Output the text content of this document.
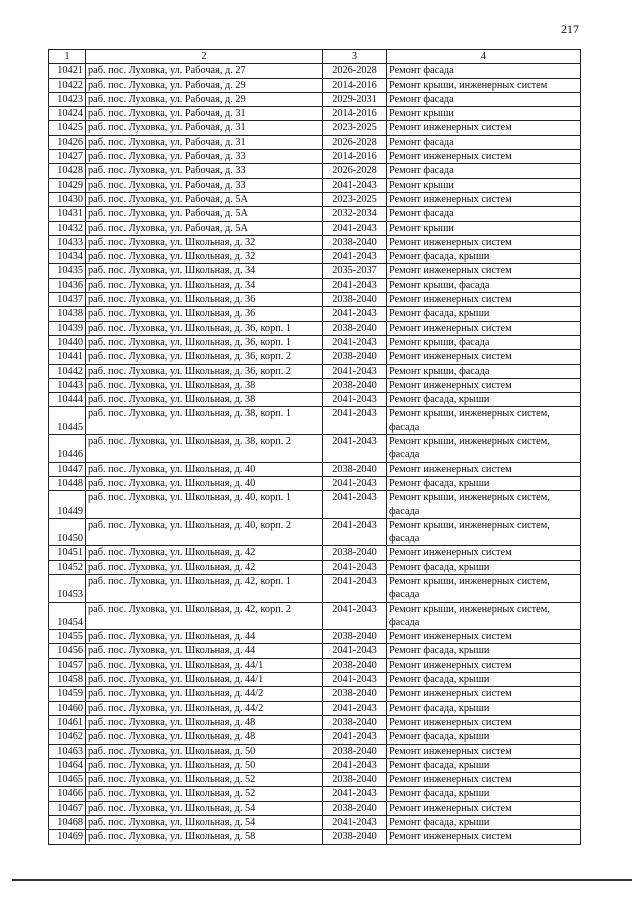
217
1	2	3	4
10421	раб. пос. Луховка, ул. Рабочая, д. 27	2026-2028	Ремонт фасада
10422	раб. пос. Луховка, ул. Рабочая, д. 29	2014-2016	Ремонт крыши, инженерных систем
10423	раб. пос. Луховка, ул. Рабочая, д. 29	2029-2031	Ремонт фасада
10424	раб. пос. Луховка, ул. Рабочая, д. 31	2014-2016	Ремонт крыши
10425	раб. пос. Луховка, ул. Рабочая, д. 31	2023-2025	Ремонт инженерных систем
10426	раб. пос. Луховка, ул. Рабочая, д. 31	2026-2028	Ремонт фасада
10427	раб. пос. Луховка, ул. Рабочая, д. 33	2014-2016	Ремонт инженерных систем
10428	раб. пос. Луховка, ул. Рабочая, д. 33	2026-2028	Ремонт фасада
10429	раб. пос. Луховка, ул. Рабочая, д. 33	2041-2043	Ремонт крыши
10430	раб. пос. Луховка, ул. Рабочая, д. 5А	2023-2025	Ремонт инженерных систем
10431	раб. пос. Луховка, ул. Рабочая, д. 5А	2032-2034	Ремонт фасада
10432	раб. пос. Луховка, ул. Рабочая, д. 5А	2041-2043	Ремонт крыши
10433	раб. пос. Луховка, ул. Школьная, д. 32	2038-2040	Ремонт инженерных систем
10434	раб. пос. Луховка, ул. Школьная, д. 32	2041-2043	Ремонт фасада, крыши
10435	раб. пос. Луховка, ул. Школьная, д. 34	2035-2037	Ремонт инженерных систем
10436	раб. пос. Луховка, ул. Школьная, д. 34	2041-2043	Ремонт крыши, фасада
10437	раб. пос. Луховка, ул. Школьная, д. 36	2038-2040	Ремонт инженерных систем
10438	раб. пос. Луховка, ул. Школьная, д. 36	2041-2043	Ремонт фасада, крыши
10439	раб. пос. Луховка, ул. Школьная, д. 36, корп. 1	2038-2040	Ремонт инженерных систем
10440	раб. пос. Луховка, ул. Школьная, д. 36, корп. 1	2041-2043	Ремонт крыши, фасада
10441	раб. пос. Луховка, ул. Школьная, д. 36, корп. 2	2038-2040	Ремонт инженерных систем
10442	раб. пос. Луховка, ул. Школьная, д. 36, корп. 2	2041-2043	Ремонт крыши, фасада
10443	раб. пос. Луховка, ул. Школьная, д. 38	2038-2040	Ремонт инженерных систем
10444	раб. пос. Луховка, ул. Школьная, д. 38	2041-2043	Ремонт фасада, крыши
10445	раб. пос. Луховка, ул. Школьная, д. 38, корп. 1	2041-2043	Ремонт крыши, инженерных систем, фасада
10446	раб. пос. Луховка, ул. Школьная, д. 38, корп. 2	2041-2043	Ремонт крыши, инженерных систем, фасада
10447	раб. пос. Луховка, ул. Школьная, д. 40	2038-2040	Ремонт инженерных систем
10448	раб. пос. Луховка, ул. Школьная, д. 40	2041-2043	Ремонт фасада, крыши
10449	раб. пос. Луховка, ул. Школьная, д. 40, корп. 1	2041-2043	Ремонт крыши, инженерных систем, фасада
10450	раб. пос. Луховка, ул. Школьная, д. 40, корп. 2	2041-2043	Ремонт крыши, инженерных систем, фасада
10451	раб. пос. Луховка, ул. Школьная, д. 42	2038-2040	Ремонт инженерных систем
10452	раб. пос. Луховка, ул. Школьная, д. 42	2041-2043	Ремонт фасада, крыши
10453	раб. пос. Луховка, ул. Школьная, д. 42, корп. 1	2041-2043	Ремонт крыши, инженерных систем, фасада
10454	раб. пос. Луховка, ул. Школьная, д. 42, корп. 2	2041-2043	Ремонт крыши, инженерных систем, фасада
10455	раб. пос. Луховка, ул. Школьная, д. 44	2038-2040	Ремонт инженерных систем
10456	раб. пос. Луховка, ул. Школьная, д. 44	2041-2043	Ремонт фасада, крыши
10457	раб. пос. Луховка, ул. Школьная, д. 44/1	2038-2040	Ремонт инженерных систем
10458	раб. пос. Луховка, ул. Школьная, д. 44/1	2041-2043	Ремонт фасада, крыши
10459	раб. пос. Луховка, ул. Школьная, д. 44/2	2038-2040	Ремонт инженерных систем
10460	раб. пос. Луховка, ул. Школьная, д. 44/2	2041-2043	Ремонт фасада, крыши
10461	раб. пос. Луховка, ул. Школьная, д. 48	2038-2040	Ремонт инженерных систем
10462	раб. пос. Луховка, ул. Школьная, д. 48	2041-2043	Ремонт фасада, крыши
10463	раб. пос. Луховка, ул. Школьная, д. 50	2038-2040	Ремонт инженерных систем
10464	раб. пос. Луховка, ул. Школьная, д. 50	2041-2043	Ремонт фасада, крыши
10465	раб. пос. Луховка, ул. Школьная, д. 52	2038-2040	Ремонт инженерных систем
10466	раб. пос. Луховка, ул. Школьная, д. 52	2041-2043	Ремонт фасада, крыши
10467	раб. пос. Луховка, ул. Школьная, д. 54	2038-2040	Ремонт инженерных систем
10468	раб. пос. Луховка, ул. Школьная, д. 54	2041-2043	Ремонт фасада, крыши
10469	раб. пос. Луховка, ул. Школьная, д. 58	2038-2040	Ремонт инженерных систем
